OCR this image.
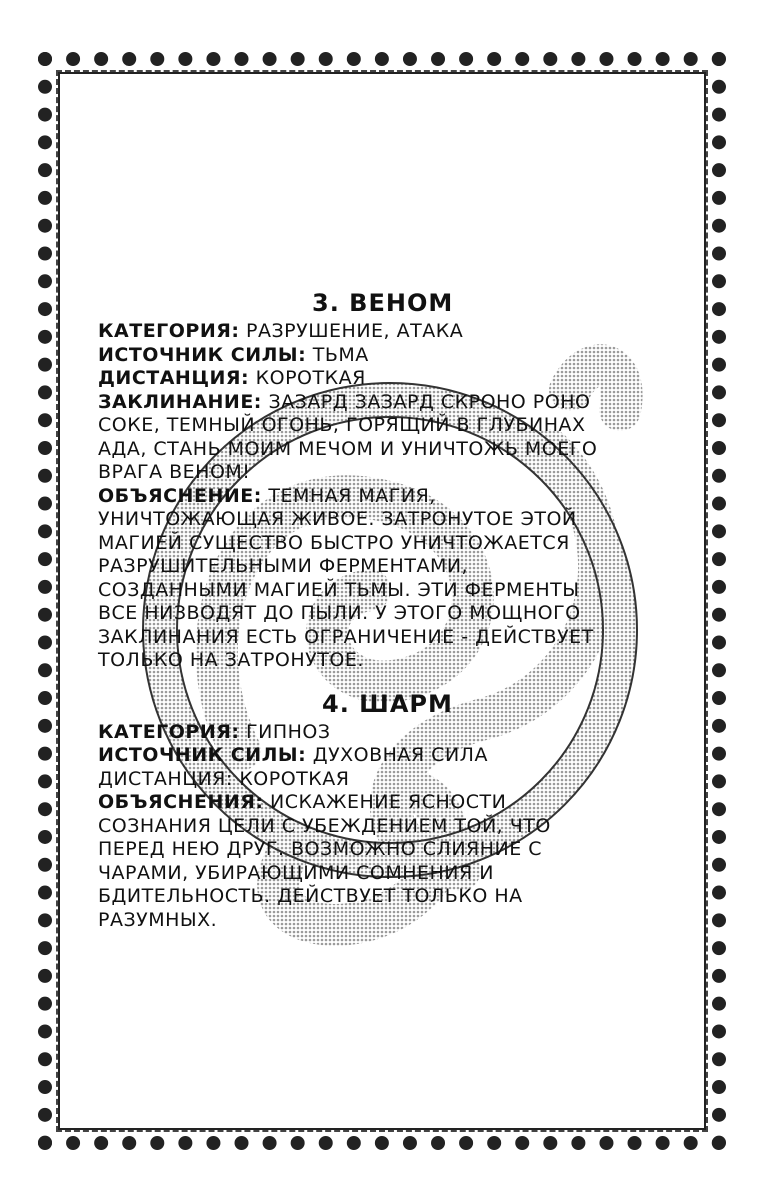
3. ВЕНОМ
КАТЕГОРИЯ: РАЗРУШЕНИЕ, АТАКА
ИСТОЧНИК СИЛЫ: ТЬМА
ДИСТАНЦИЯ: КОРОТКАЯ
ЗАКЛИНАНИЕ: ЗАЗАРД ЗАЗАРД СКРОНО РОНО
СОКЕ, ТЕМНЫЙ ОГОНЬ, ГОРЯЩИЙ В ГЛУБИНАХ
АДА, СТАНЬ МОИМ МЕЧОМ И УНИЧТОЖЬ МОЕГО
ВРАГА ВЕНОМ!
ОБЪЯСНЕНИЕ: ТЕМНАЯ МАГИЯ,
УНИЧТОЖАЮЩАЯ ЖИВОЕ. ЗАТРОНУТОЕ ЭТОЙ
МАГИЕЙ СУЩЕСТВО БЫСТРО УНИЧТОЖАЕТСЯ
РАЗРУШИТЕЛЬНЫМИ ФЕРМЕНТАМИ,
СОЗДАННЫМИ МАГИЕЙ ТЬМЫ. ЭТИ ФЕРМЕНТЫ
ВСЕ НИЗВОДЯТ ДО ПЫЛИ. У ЭТОГО МОЩНОГО
ЗАКЛИНАНИЯ ЕСТЬ ОГРАНИЧЕНИЕ - ДЕЙСТВУЕТ
ТОЛЬКО НА ЗАТРОНУТОЕ.
4. ШАРМ
КАТЕГОРИЯ: ГИПНОЗ
ИСТОЧНИК СИЛЫ: ДУХОВНАЯ СИЛА
ДИСТАНЦИЯ: КОРОТКАЯ
ОБЪЯСНЕНИЯ: ИСКАЖЕНИЕ ЯСНОСТИ
СОЗНАНИЯ ЦЕЛИ С УБЕЖДЕНИЕМ ТОЙ, ЧТО
ПЕРЕД НЕЮ ДРУГ. ВОЗМОЖНО СЛИЯНИЕ С
ЧАРАМИ, УБИРАЮЩИМИ СОМНЕНИЯ И
БДИТЕЛЬНОСТЬ. ДЕЙСТВУЕТ ТОЛЬКО НА
РАЗУМНЫХ.
